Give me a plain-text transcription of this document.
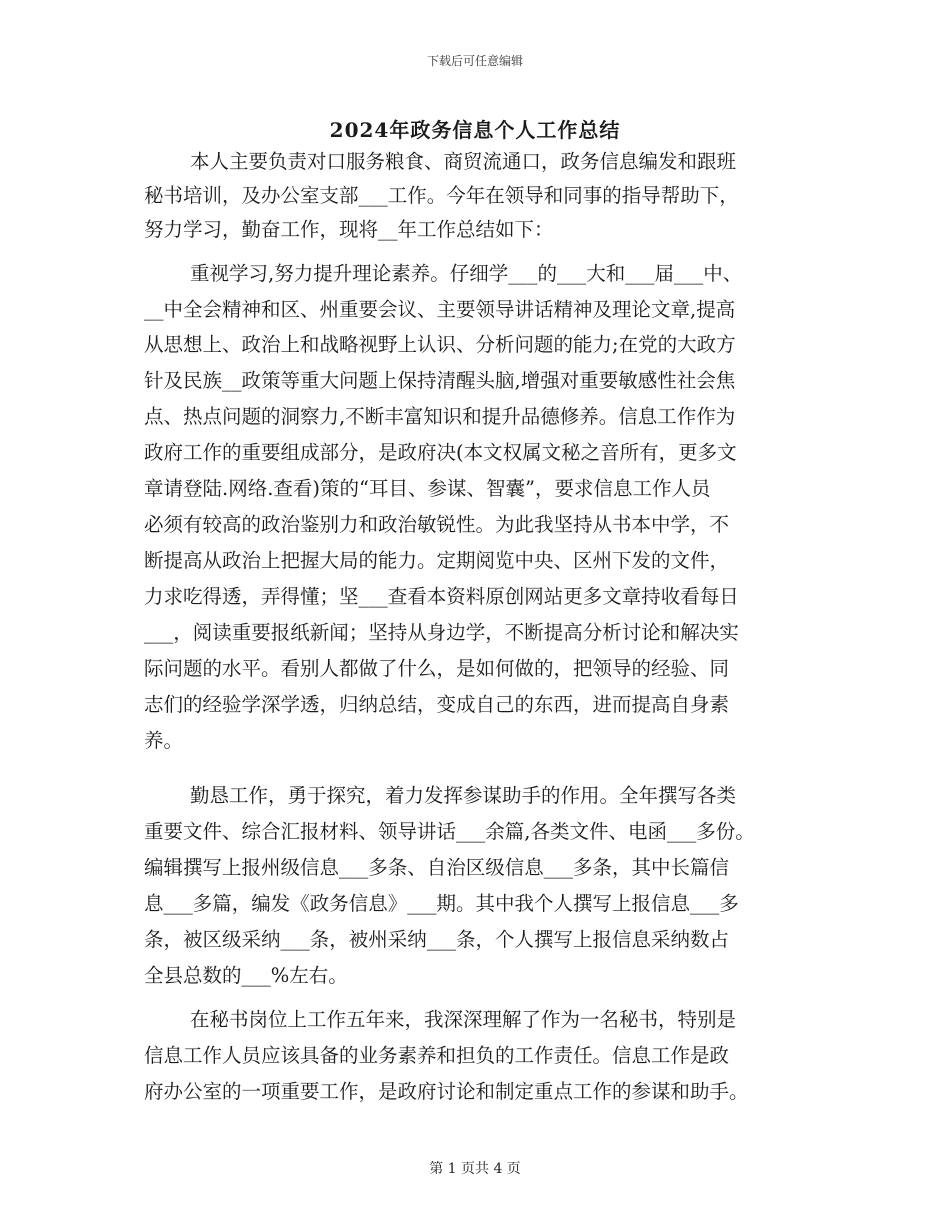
下载后可任意编辑
2024年政务信息个人工作总结
本人主要负责对口服务粮食、商贸流通口，政务信息编发和跟班
秘书培训，及办公室支部___工作。今年在领导和同事的指导帮助下，
努力学习，勤奋工作，现将__年工作总结如下：
重视学习,努力提升理论素养。仔细学___的___大和___届___中、
__中全会精神和区、州重要会议、主要领导讲话精神及理论文章,提高
从思想上、政治上和战略视野上认识、分析问题的能力;在党的大政方
针及民族__政策等重大问题上保持清醒头脑,增强对重要敏感性社会焦
点、热点问题的洞察力,不断丰富知识和提升品德修养。信息工作作为
政府工作的重要组成部分，是政府决(本文权属文秘之音所有，更多文
章请登陆.网络.查看)策的“耳目、参谋、智囊”，要求信息工作人员
必须有较高的政治鉴别力和政治敏锐性。为此我坚持从书本中学，不
断提高从政治上把握大局的能力。定期阅览中央、区州下发的文件，
力求吃得透，弄得懂；坚___查看本资料原创网站更多文章持收看每日
___，阅读重要报纸新闻；坚持从身边学，不断提高分析讨论和解决实
际问题的水平。看别人都做了什么，是如何做的，把领导的经验、同
志们的经验学深学透，归纳总结，变成自己的东西，进而提高自身素
养。
勤恳工作，勇于探究，着力发挥参谋助手的作用。全年撰写各类
重要文件、综合汇报材料、领导讲话___余篇,各类文件、电函___多份。
编辑撰写上报州级信息___多条、自治区级信息___多条，其中长篇信
息___多篇，编发《政务信息》___期。其中我个人撰写上报信息___多
条，被区级采纳___条，被州采纳___条，个人撰写上报信息采纳数占
全县总数的___%左右。
在秘书岗位上工作五年来，我深深理解了作为一名秘书，特别是
信息工作人员应该具备的业务素养和担负的工作责任。信息工作是政
府办公室的一项重要工作，是政府讨论和制定重点工作的参谋和助手。
第 1 页共 4 页
